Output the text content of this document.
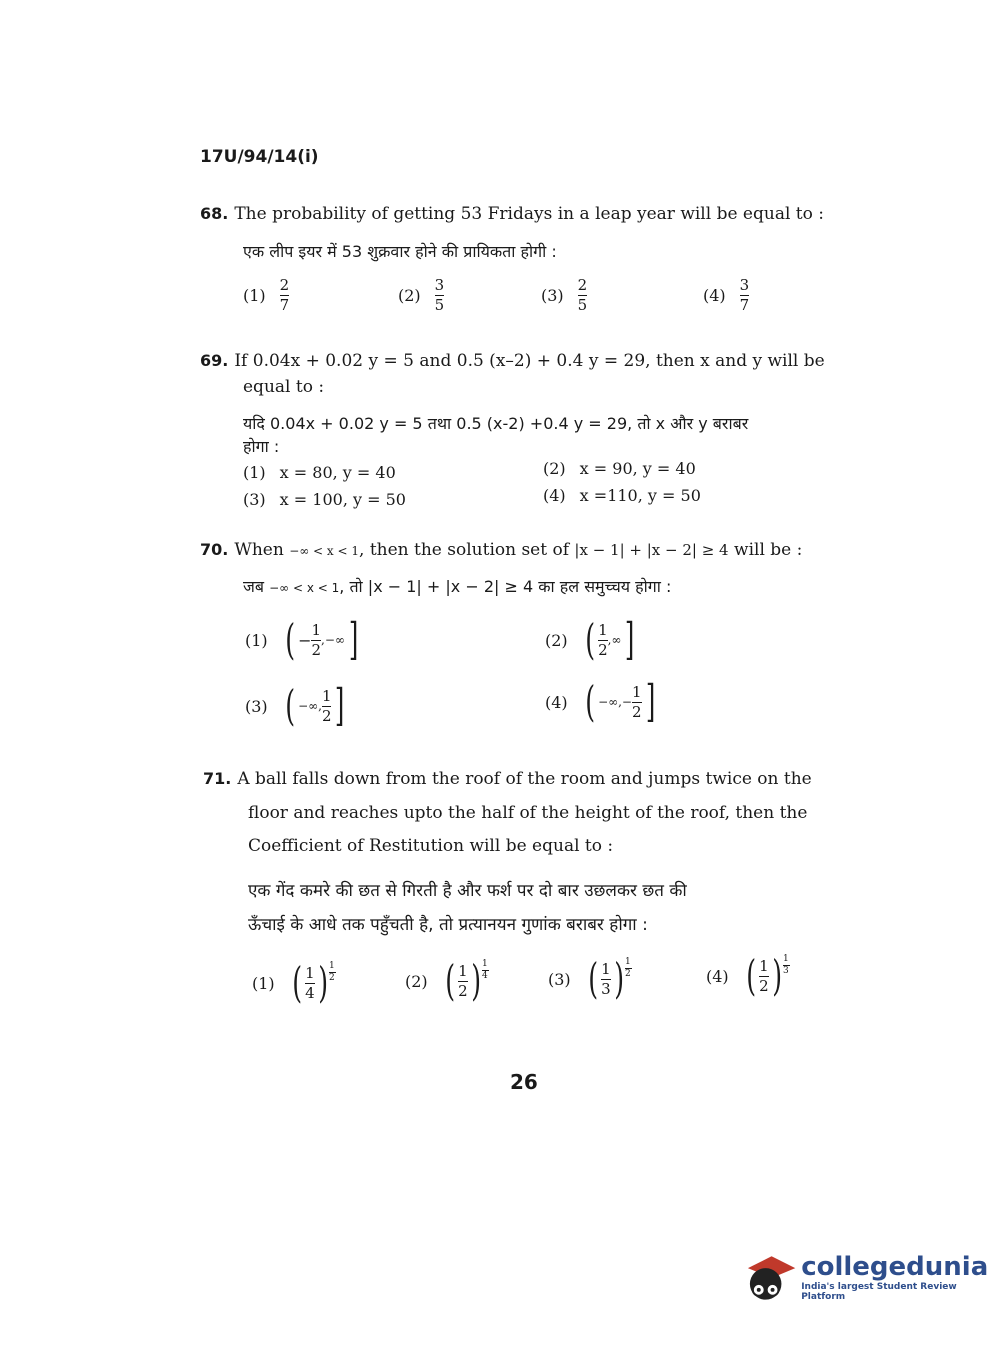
17U/94/14(i)
68. The probability of getting 53 Fridays in a leap year will be equal to :
एक लीप इयर में 53 शुक्रवार होने की प्रायिकता होगी :
$(1) \frac{2}{7}$	$(2) \frac{3}{5}$	$(3) \frac{2}{5}$	$(4) \frac{3}{7}$
69. If 0.04x + 0.02 y = 5 and 0.5 (x–2) + 0.4 y = 29, then x and y will be
equal to :
यदि 0.04x + 0.02 y = 5 तथा 0.5 (x-2) +0.4 y = 29, तो x और y बराबर
होगा :
(1) x = 80, y = 40	(2) x = 90, y = 40
(3) x = 100, y = 50	(4) x =110, y = 50
70. When −∞ < x < 1, then the solution set of |x − 1| + |x − 2| ≥ 4 will be :
जब −∞ < x < 1, तो |x − 1| + |x − 2| ≥ 4 का हल समुच्चय होगा :
(1) ( − $\frac{1}{2}$ ,−∞ ]	(2) ( $\frac{1}{2}$ ,∞ ]
(3) ( −∞, $\frac{1}{2}$ ]	(4) ( −∞,− $\frac{1}{2}$ ]
71. A ball falls down from the roof of the room and jumps twice on the
floor and reaches upto the half of the height of the roof, then the
Coefficient of Restitution will be equal to :
एक गेंद कमरे की छत से गिरती है और फर्श पर दो बार उछलकर छत की
ऊँचाई के आधे तक पहुँचती है, तो प्रत्यानयन गुणांक बराबर होगा :
(1) ( $\frac{1}{4}$ ) 1
2	(2) ( $\frac{1}{2}$ ) 1
4	(3) ( $\frac{1}{3}$ ) 1
2	(4) ( $\frac{1}{2}$ ) 1
3
26
collegedunia
India's largest Student Review Platform
